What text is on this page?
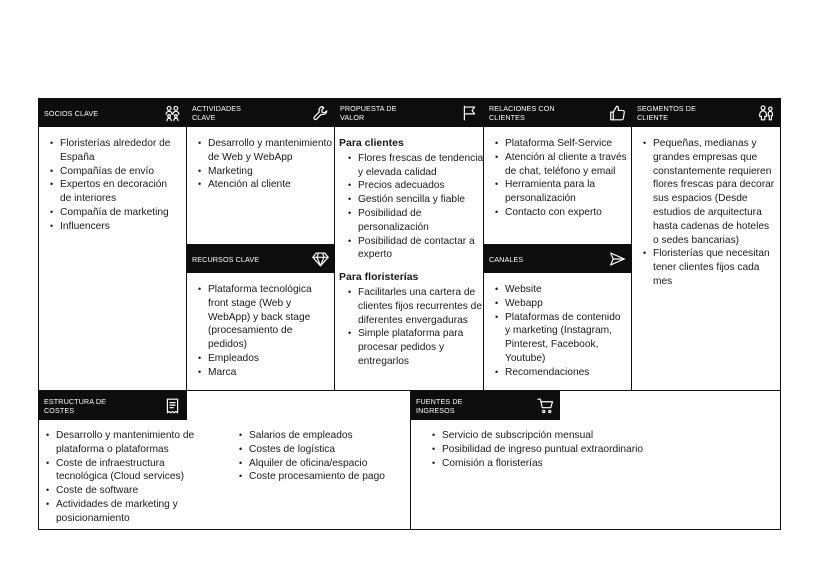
SOCIOS CLAVE
• Floristerías alrededor de España
• Compañías de envío
• Expertos en decoración de interiores
• Compañía de marketing
• Influencers
ACTIVIDADES
CLAVE
• Desarrollo y mantenimiento de Web y WebApp
• Marketing
• Atención al cliente
RECURSOS CLAVE
• Plataforma tecnológica front stage (Web y WebApp) y back stage (procesamiento de pedidos)
• Empleados
• Marca
PROPUESTA DE
VALOR
Para clientes
• Flores frescas de tendencia y elevada calidad
• Precios adecuados
• Gestión sencilla y fiable
• Posibilidad de personalización
• Posibilidad de contactar a experto
Para floristerías
• Facilitarles una cartera de clientes fijos recurrentes de diferentes envergaduras
• Simple plataforma para procesar pedidos y entregarlos
RELACIONES CON
CLIENTES
• Plataforma Self-Service
• Atención al cliente a través de chat, teléfono y email
• Herramienta para la personalización
• Contacto con experto
CANALES
• Website
• Webapp
• Plataformas de contenido y marketing (Instagram, Pinterest, Facebook, Youtube)
• Recomendaciones
SEGMENTOS DE
CLIENTE
• Pequeñas, medianas y grandes empresas que constantemente requieren flores frescas para decorar sus espacios (Desde estudios de arquitectura hasta cadenas de hoteles o sedes bancarias)
• Floristerías que necesitan tener clientes fijos cada mes
ESTRUCTURA DE
COSTES
• Desarrollo y mantenimiento de plataforma o plataformas
• Coste de infraestructura tecnológica (Cloud services)
• Coste de software
• Actividades de marketing y posicionamiento
• Salarios de empleados
• Costes de logística
• Alquiler de oficina/espacio
• Coste procesamiento de pago
FUENTES DE
INGRESOS
• Servicio de subscripción mensual
• Posibilidad de ingreso puntual extraordinario
• Comisión a floristerías
